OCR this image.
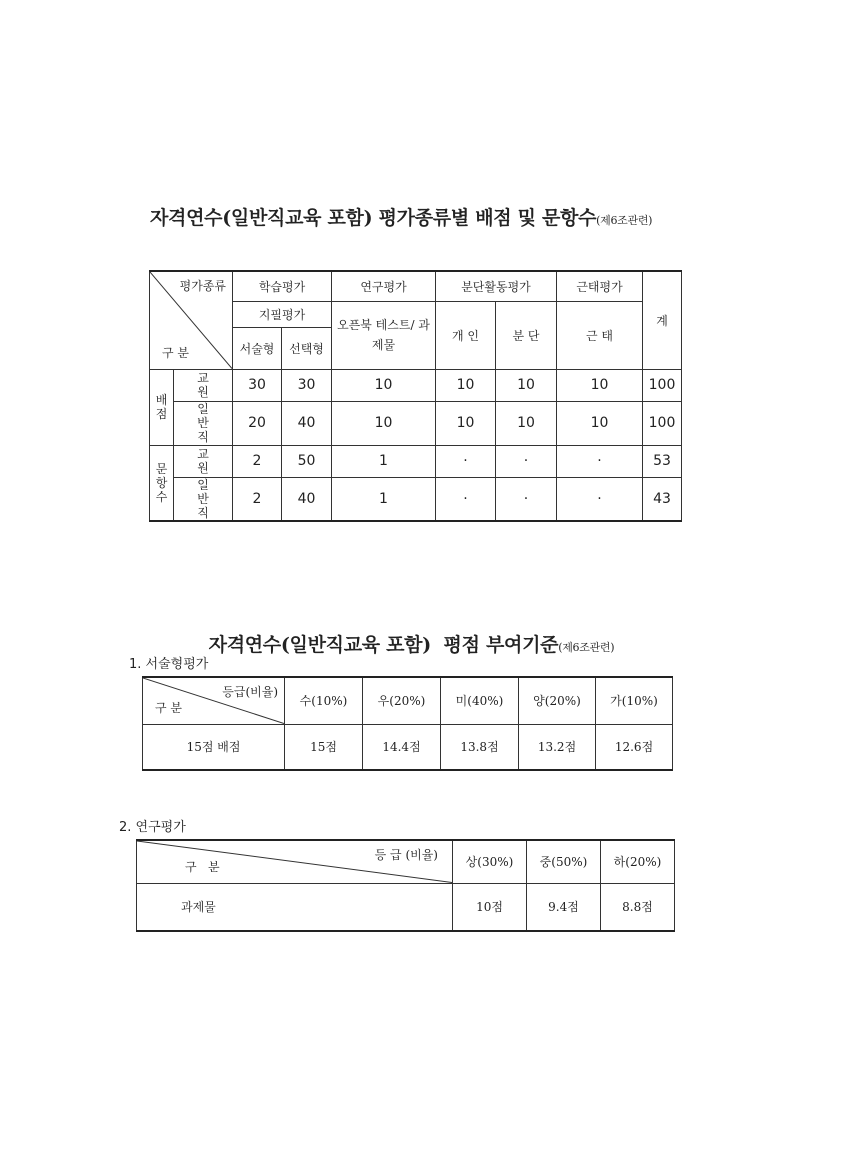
자격연수(일반직교육 포함) 평가종류별 배점 및 문항수(제6조관련)
평가종류
구 분		학습평가		연구평가	분단활동평가		근태평가	계
		지필평가		오픈북 테스트/ 과제물	개 인	분 단	근 태	
		서술형	선택형					
배 점	교 원	30	30	10	10	10	10	100
	일 반 직	20	40	10	10	10	10	100
문 항 수	교 원	2	50	1	·	·	·	53
	일 반 직	2	40	1	·	·	·	43

자격연수(일반직교육 포함)  평점 부여기준(제6조관련)

1. 서술형평가
등급(비율)
구 분	수(10%)	우(20%)	미(40%)	양(20%)	가(10%)
15점 배점	15점	14.4점	13.8점	13.2점	12.6점
2. 연구평가
등 급 (비율)
구   분	상(30%)	중(50%)	하(20%)
과제물	10점	9.4점	8.8점
